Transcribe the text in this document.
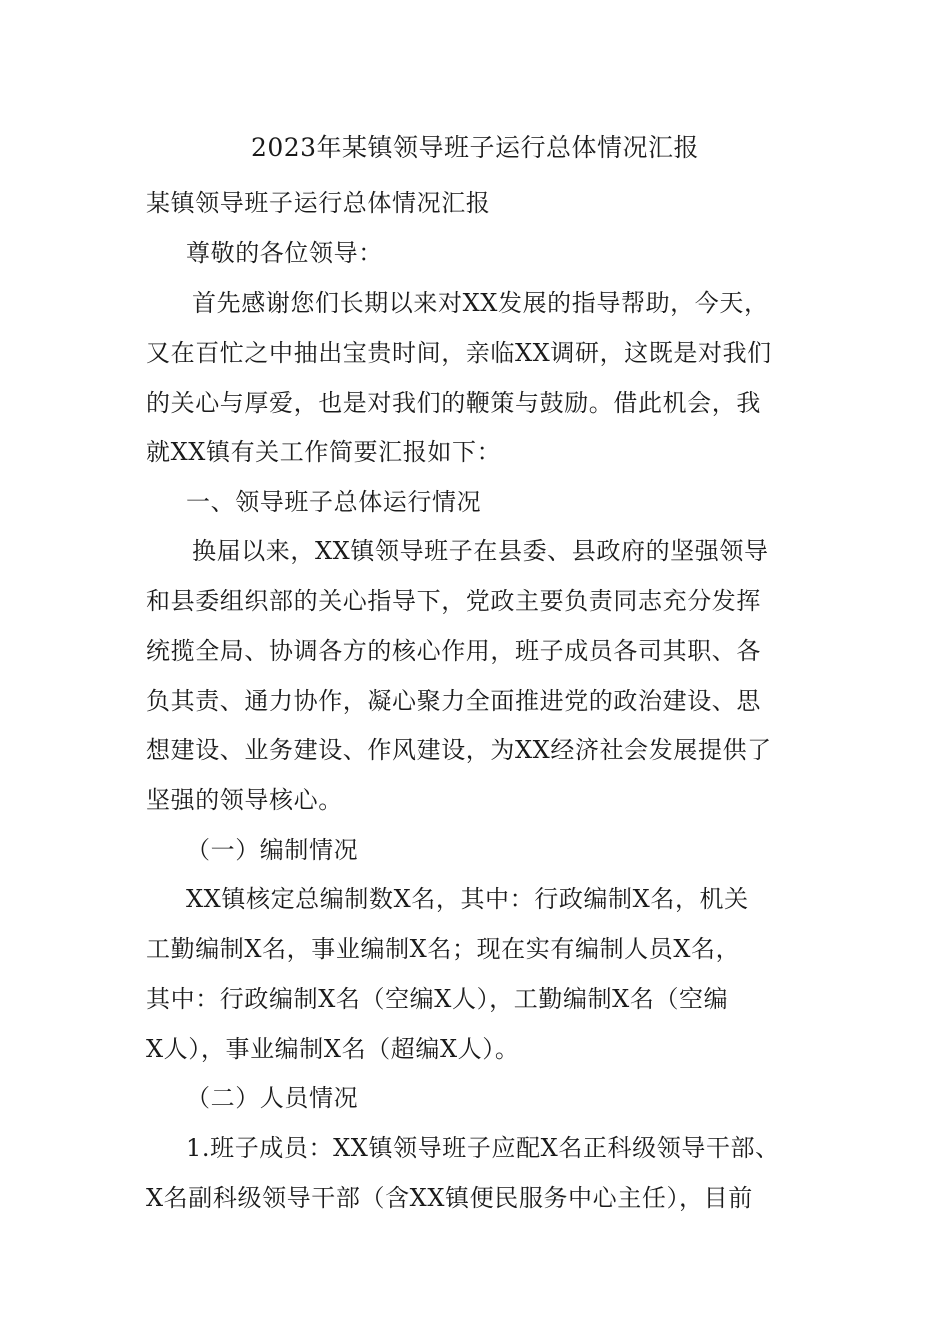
2023年某镇领导班子运行总体情况汇报
某镇领导班子运行总体情况汇报
尊敬的各位领导：
首先感谢您们长期以来对XX发展的指导帮助，今天，
又在百忙之中抽出宝贵时间，亲临XX调研，这既是对我们
的关心与厚爱，也是对我们的鞭策与鼓励。借此机会，我
就XX镇有关工作简要汇报如下：
一、领导班子总体运行情况
换届以来，XX镇领导班子在县委、县政府的坚强领导
和县委组织部的关心指导下，党政主要负责同志充分发挥
统揽全局、协调各方的核心作用，班子成员各司其职、各
负其责、通力协作，凝心聚力全面推进党的政治建设、思
想建设、业务建设、作风建设，为XX经济社会发展提供了
坚强的领导核心。
（一）编制情况
XX镇核定总编制数X名，其中：行政编制X名，机关
工勤编制X名，事业编制X名；现在实有编制人员X名，
其中：行政编制X名（空编X人），工勤编制X名（空编
X人），事业编制X名（超编X人）。
（二）人员情况
1.班子成员：XX镇领导班子应配X名正科级领导干部、
X名副科级领导干部（含XX镇便民服务中心主任），目前
